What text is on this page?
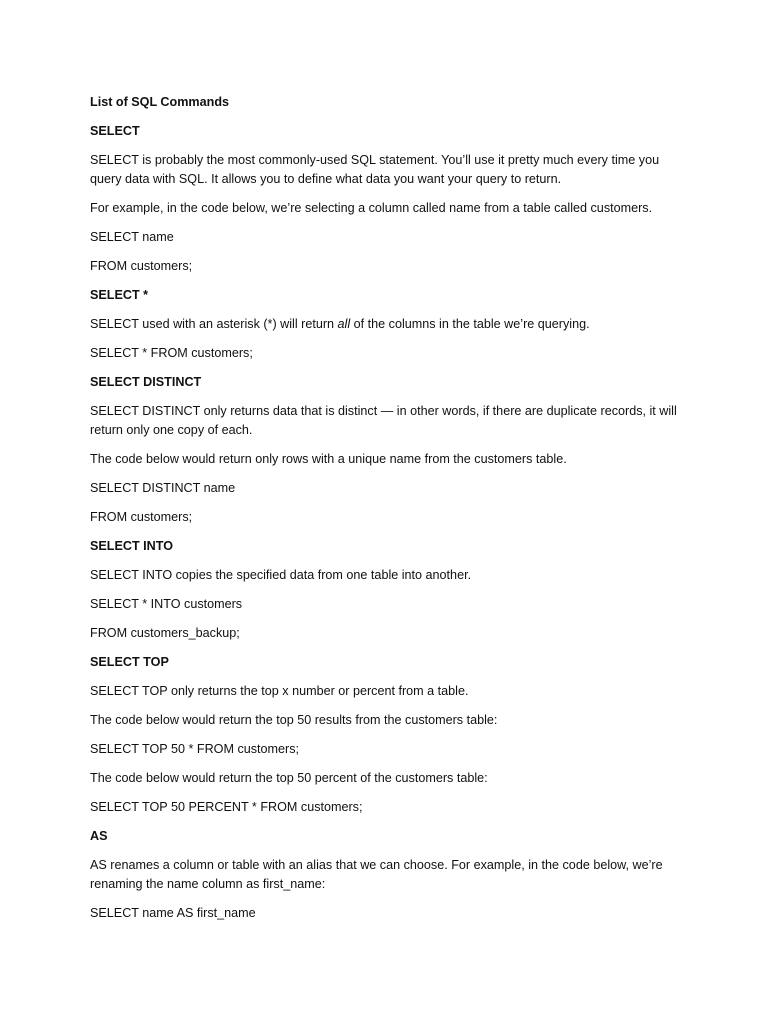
List of SQL Commands

SELECT

SELECT is probably the most commonly-used SQL statement. You’ll use it pretty much every time you query data with SQL. It allows you to define what data you want your query to return.

For example, in the code below, we’re selecting a column called name from a table called customers.

SELECT name

FROM customers;

SELECT *

SELECT used with an asterisk (*) will return all of the columns in the table we’re querying.

SELECT * FROM customers;

SELECT DISTINCT

SELECT DISTINCT only returns data that is distinct — in other words, if there are duplicate records, it will return only one copy of each.

The code below would return only rows with a unique name from the customers table.

SELECT DISTINCT name

FROM customers;

SELECT INTO

SELECT INTO copies the specified data from one table into another.

SELECT * INTO customers

FROM customers_backup;

SELECT TOP

SELECT TOP only returns the top x number or percent from a table.

The code below would return the top 50 results from the customers table:

SELECT TOP 50 * FROM customers;

The code below would return the top 50 percent of the customers table:

SELECT TOP 50 PERCENT * FROM customers;

AS

AS renames a column or table with an alias that we can choose. For example, in the code below, we’re renaming the name column as first_name:

SELECT name AS first_name
